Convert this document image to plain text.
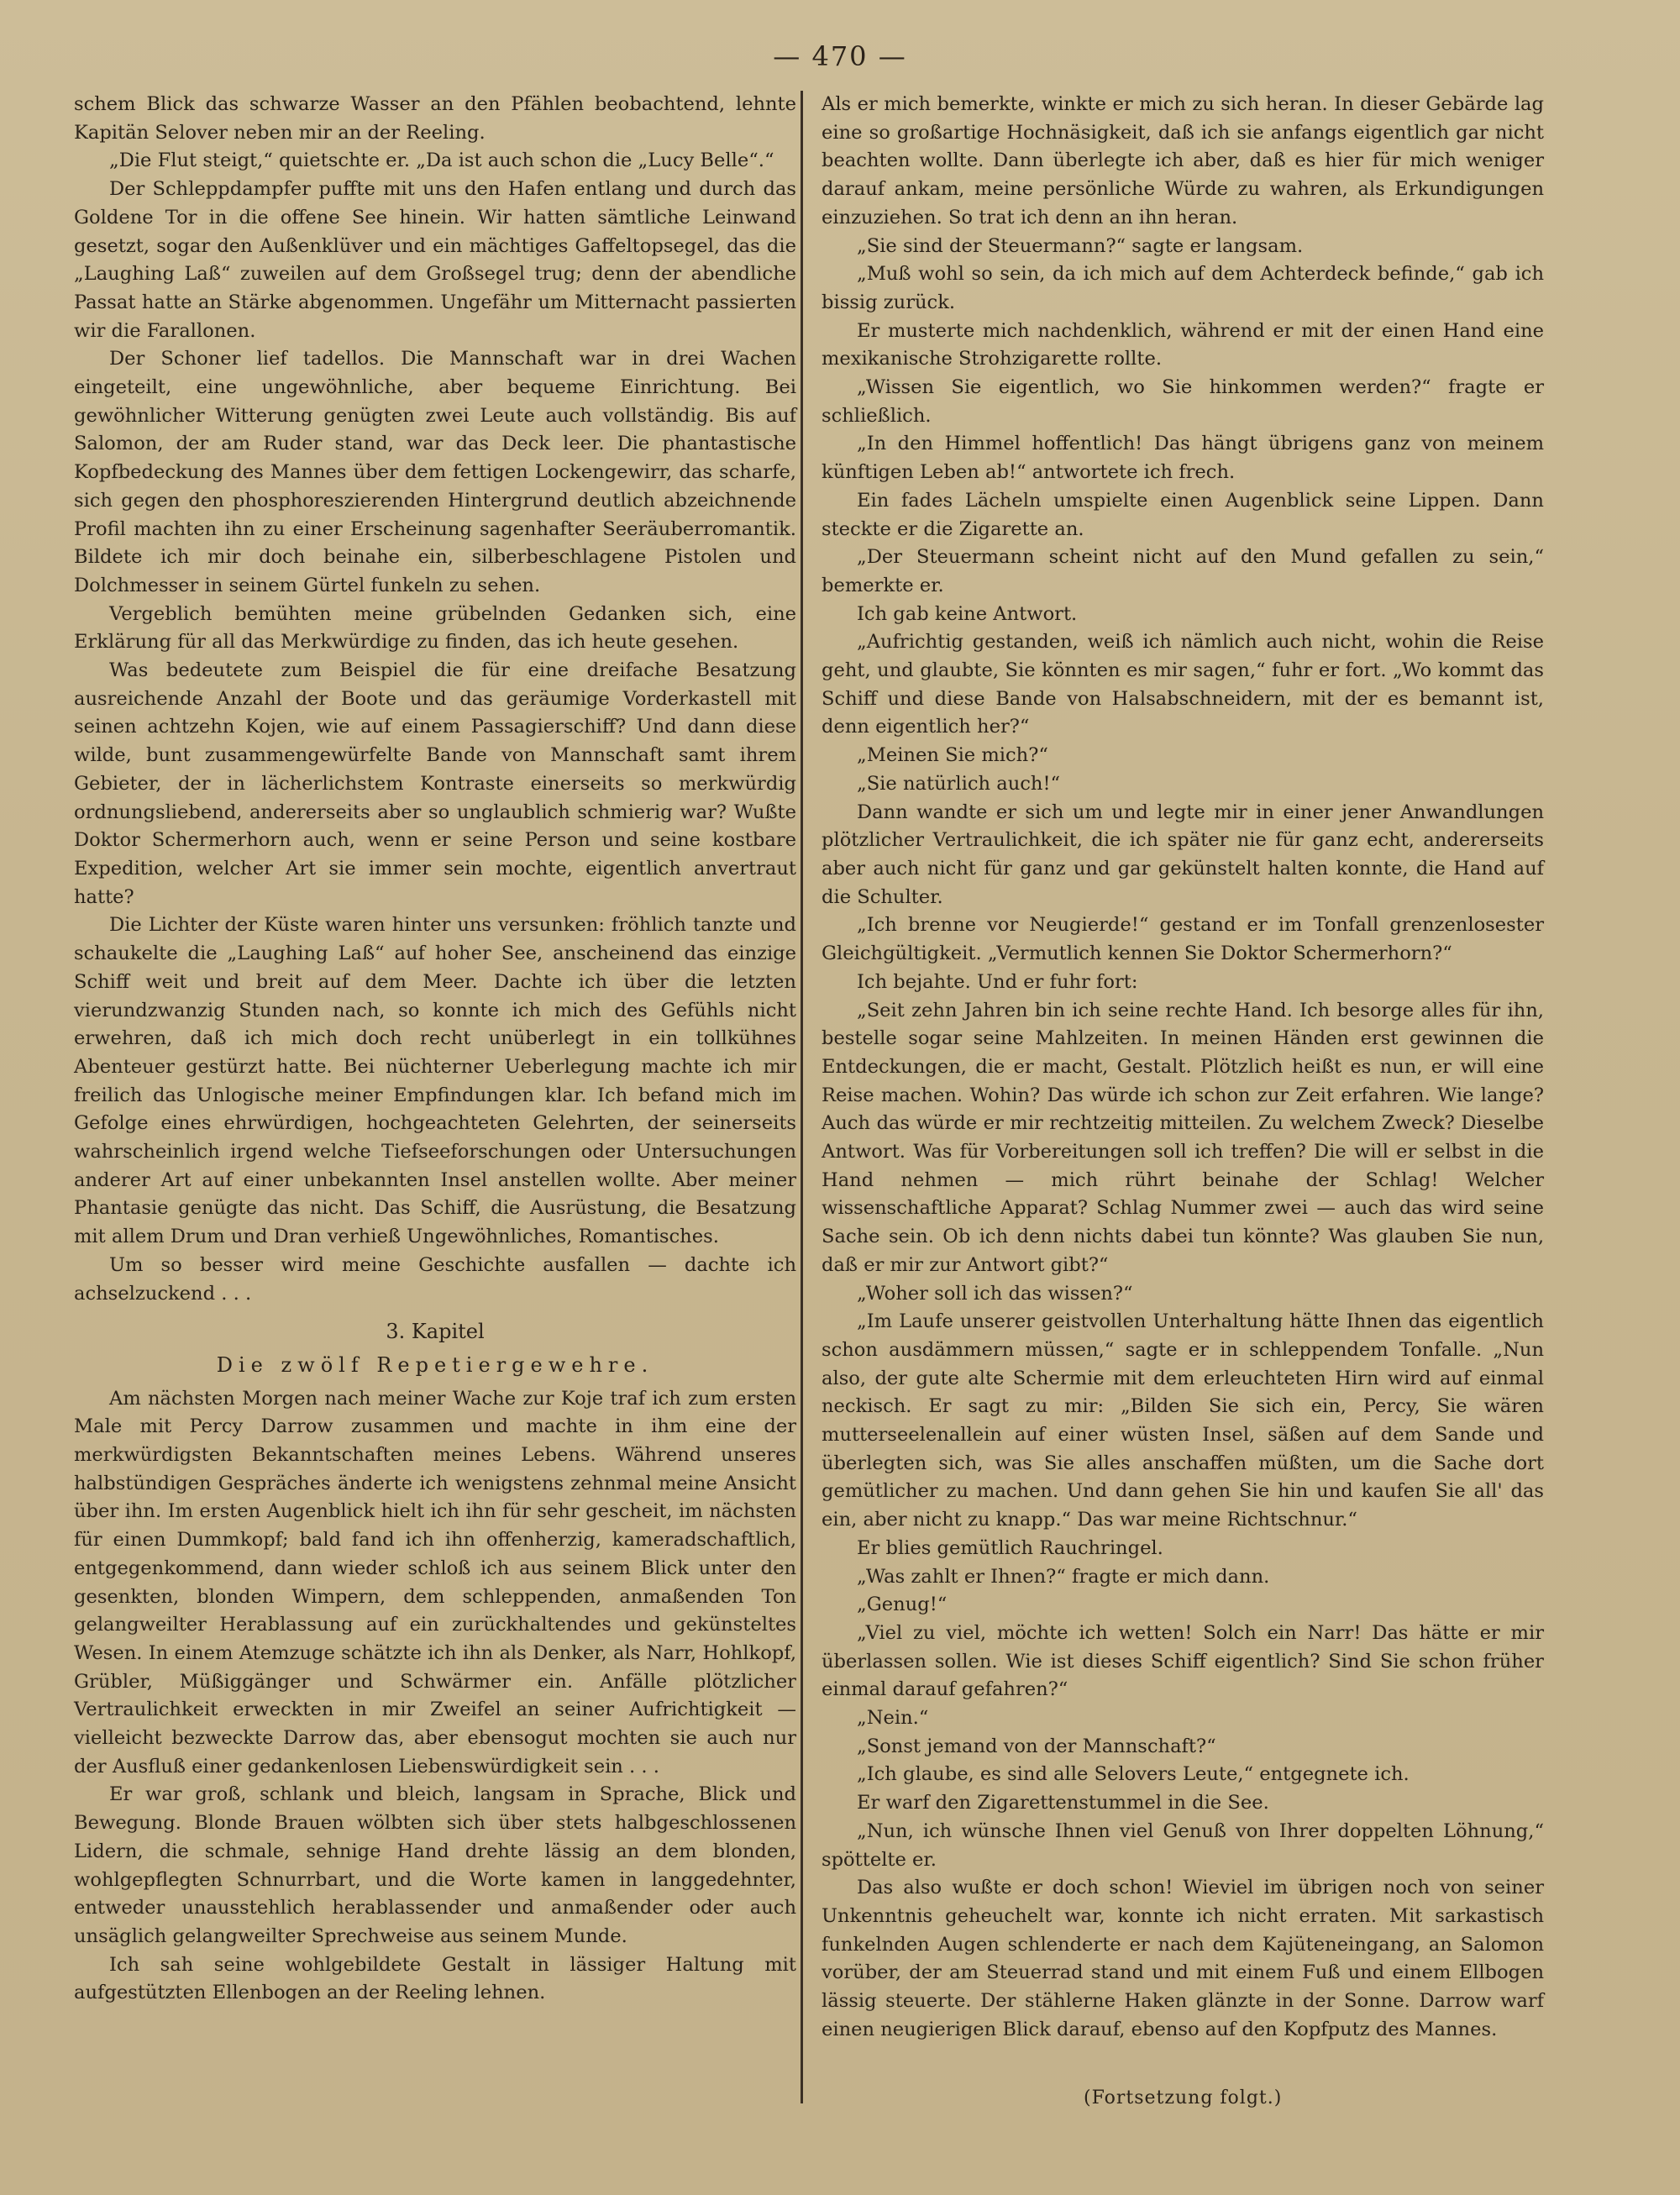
— 470 —

schem Blick das schwarze Wasser an den Pfählen beobachtend, lehnte Kapitän Selover neben mir an der Reeling.

„Die Flut steigt,“ quietschte er. „Da ist auch schon die „Lucy Belle“.“

Der Schleppdampfer puffte mit uns den Hafen entlang und durch das Goldene Tor in die offene See hinein. Wir hatten sämtliche Leinwand gesetzt, sogar den Außenklüver und ein mächtiges Gaffeltopsegel, das die „Laughing Laß“ zuweilen auf dem Großsegel trug; denn der abendliche Passat hatte an Stärke abgenommen. Ungefähr um Mitternacht passierten wir die Farallonen.

Der Schoner lief tadellos. Die Mannschaft war in drei Wachen eingeteilt, eine ungewöhnliche, aber bequeme Einrichtung. Bei gewöhnlicher Witterung genügten zwei Leute auch vollständig. Bis auf Salomon, der am Ruder stand, war das Deck leer. Die phantastische Kopfbedeckung des Mannes über dem fettigen Lockengewirr, das scharfe, sich gegen den phosphoreszierenden Hintergrund deutlich abzeichnende Profil machten ihn zu einer Erscheinung sagenhafter Seeräuberromantik. Bildete ich mir doch beinahe ein, silberbeschlagene Pistolen und Dolchmesser in seinem Gürtel funkeln zu sehen.

Vergeblich bemühten meine grübelnden Gedanken sich, eine Erklärung für all das Merkwürdige zu finden, das ich heute gesehen.

Was bedeutete zum Beispiel die für eine dreifache Besatzung ausreichende Anzahl der Boote und das geräumige Vorderkastell mit seinen achtzehn Kojen, wie auf einem Passagierschiff? Und dann diese wilde, bunt zusammengewürfelte Bande von Mannschaft samt ihrem Gebieter, der in lächerlichstem Kontraste einerseits so merkwürdig ordnungsliebend, andererseits aber so unglaublich schmierig war? Wußte Doktor Schermerhorn auch, wenn er seine Person und seine kostbare Expedition, welcher Art sie immer sein mochte, eigentlich anvertraut hatte?

Die Lichter der Küste waren hinter uns versunken: fröhlich tanzte und schaukelte die „Laughing Laß“ auf hoher See, anscheinend das einzige Schiff weit und breit auf dem Meer. Dachte ich über die letzten vierundzwanzig Stunden nach, so konnte ich mich des Gefühls nicht erwehren, daß ich mich doch recht unüberlegt in ein tollkühnes Abenteuer gestürzt hatte. Bei nüchterner Ueberlegung machte ich mir freilich das Unlogische meiner Empfindungen klar. Ich befand mich im Gefolge eines ehrwürdigen, hochgeachteten Gelehrten, der seinerseits wahrscheinlich irgend welche Tiefseeforschungen oder Untersuchungen anderer Art auf einer unbekannten Insel anstellen wollte. Aber meiner Phantasie genügte das nicht. Das Schiff, die Ausrüstung, die Besatzung mit allem Drum und Dran verhieß Ungewöhnliches, Romantisches.

Um so besser wird meine Geschichte ausfallen — dachte ich achselzuckend . . .

3. Kapitel
Die zwölf Repetiergewehre.

Am nächsten Morgen nach meiner Wache zur Koje traf ich zum ersten Male mit Percy Darrow zusammen und machte in ihm eine der merkwürdigsten Bekanntschaften meines Lebens. Während unseres halbstündigen Gespräches änderte ich wenigstens zehnmal meine Ansicht über ihn. Im ersten Augenblick hielt ich ihn für sehr gescheit, im nächsten für einen Dummkopf; bald fand ich ihn offenherzig, kameradschaftlich, entgegenkommend, dann wieder schloß ich aus seinem Blick unter den gesenkten, blonden Wimpern, dem schleppenden, anmaßenden Ton gelangweilter Herablassung auf ein zurückhaltendes und gekünsteltes Wesen. In einem Atemzuge schätzte ich ihn als Denker, als Narr, Hohlkopf, Grübler, Müßiggänger und Schwärmer ein. Anfälle plötzlicher Vertraulichkeit erweckten in mir Zweifel an seiner Aufrichtigkeit — vielleicht bezweckte Darrow das, aber ebensogut mochten sie auch nur der Ausfluß einer gedankenlosen Liebenswürdigkeit sein . . .

Er war groß, schlank und bleich, langsam in Sprache, Blick und Bewegung. Blonde Brauen wölbten sich über stets halbgeschlossenen Lidern, die schmale, sehnige Hand drehte lässig an dem blonden, wohlgepflegten Schnurrbart, und die Worte kamen in langgedehnter, entweder unausstehlich herablassender und anmaßender oder auch unsäglich gelangweilter Sprechweise aus seinem Munde.

Ich sah seine wohlgebildete Gestalt in lässiger Haltung mit aufgestützten Ellenbogen an der Reeling lehnen.

Als er mich bemerkte, winkte er mich zu sich heran. In dieser Gebärde lag eine so großartige Hochnäsigkeit, daß ich sie anfangs eigentlich gar nicht beachten wollte. Dann überlegte ich aber, daß es hier für mich weniger darauf ankam, meine persönliche Würde zu wahren, als Erkundigungen einzuziehen. So trat ich denn an ihn heran.

„Sie sind der Steuermann?“ sagte er langsam.

„Muß wohl so sein, da ich mich auf dem Achterdeck befinde,“ gab ich bissig zurück.

Er musterte mich nachdenklich, während er mit der einen Hand eine mexikanische Strohzigarette rollte.

„Wissen Sie eigentlich, wo Sie hinkommen werden?“ fragte er schließlich.

„In den Himmel hoffentlich! Das hängt übrigens ganz von meinem künftigen Leben ab!“ antwortete ich frech.

Ein fades Lächeln umspielte einen Augenblick seine Lippen. Dann steckte er die Zigarette an.

„Der Steuermann scheint nicht auf den Mund gefallen zu sein,“ bemerkte er.

Ich gab keine Antwort.

„Aufrichtig gestanden, weiß ich nämlich auch nicht, wohin die Reise geht, und glaubte, Sie könnten es mir sagen,“ fuhr er fort. „Wo kommt das Schiff und diese Bande von Halsabschneidern, mit der es bemannt ist, denn eigentlich her?“

„Meinen Sie mich?“

„Sie natürlich auch!“

Dann wandte er sich um und legte mir in einer jener Anwandlungen plötzlicher Vertraulichkeit, die ich später nie für ganz echt, andererseits aber auch nicht für ganz und gar gekünstelt halten konnte, die Hand auf die Schulter.

„Ich brenne vor Neugierde!“ gestand er im Tonfall grenzenlosester Gleichgültigkeit. „Vermutlich kennen Sie Doktor Schermerhorn?“

Ich bejahte. Und er fuhr fort:

„Seit zehn Jahren bin ich seine rechte Hand. Ich besorge alles für ihn, bestelle sogar seine Mahlzeiten. In meinen Händen erst gewinnen die Entdeckungen, die er macht, Gestalt. Plötzlich heißt es nun, er will eine Reise machen. Wohin? Das würde ich schon zur Zeit erfahren. Wie lange? Auch das würde er mir rechtzeitig mitteilen. Zu welchem Zweck? Dieselbe Antwort. Was für Vorbereitungen soll ich treffen? Die will er selbst in die Hand nehmen — mich rührt beinahe der Schlag! Welcher wissenschaftliche Apparat? Schlag Nummer zwei — auch das wird seine Sache sein. Ob ich denn nichts dabei tun könnte? Was glauben Sie nun, daß er mir zur Antwort gibt?“

„Woher soll ich das wissen?“

„Im Laufe unserer geistvollen Unterhaltung hätte Ihnen das eigentlich schon ausdämmern müssen,“ sagte er in schleppendem Tonfalle. „Nun also, der gute alte Schermie mit dem erleuchteten Hirn wird auf einmal neckisch. Er sagt zu mir: „Bilden Sie sich ein, Percy, Sie wären mutterseelenallein auf einer wüsten Insel, säßen auf dem Sande und überlegten sich, was Sie alles anschaffen müßten, um die Sache dort gemütlicher zu machen. Und dann gehen Sie hin und kaufen Sie all' das ein, aber nicht zu knapp.“ Das war meine Richtschnur.“

Er blies gemütlich Rauchringel.

„Was zahlt er Ihnen?“ fragte er mich dann.

„Genug!“

„Viel zu viel, möchte ich wetten! Solch ein Narr! Das hätte er mir überlassen sollen. Wie ist dieses Schiff eigentlich? Sind Sie schon früher einmal darauf gefahren?“

„Nein.“

„Sonst jemand von der Mannschaft?“

„Ich glaube, es sind alle Selovers Leute,“ entgegnete ich.

Er warf den Zigarettenstummel in die See.

„Nun, ich wünsche Ihnen viel Genuß von Ihrer doppelten Löhnung,“ spöttelte er.

Das also wußte er doch schon! Wieviel im übrigen noch von seiner Unkenntnis geheuchelt war, konnte ich nicht erraten. Mit sarkastisch funkelnden Augen schlenderte er nach dem Kajüteneingang, an Salomon vorüber, der am Steuerrad stand und mit einem Fuß und einem Ellbogen lässig steuerte. Der stählerne Haken glänzte in der Sonne. Darrow warf einen neugierigen Blick darauf, ebenso auf den Kopfputz des Mannes.

(Fortsetzung folgt.)
